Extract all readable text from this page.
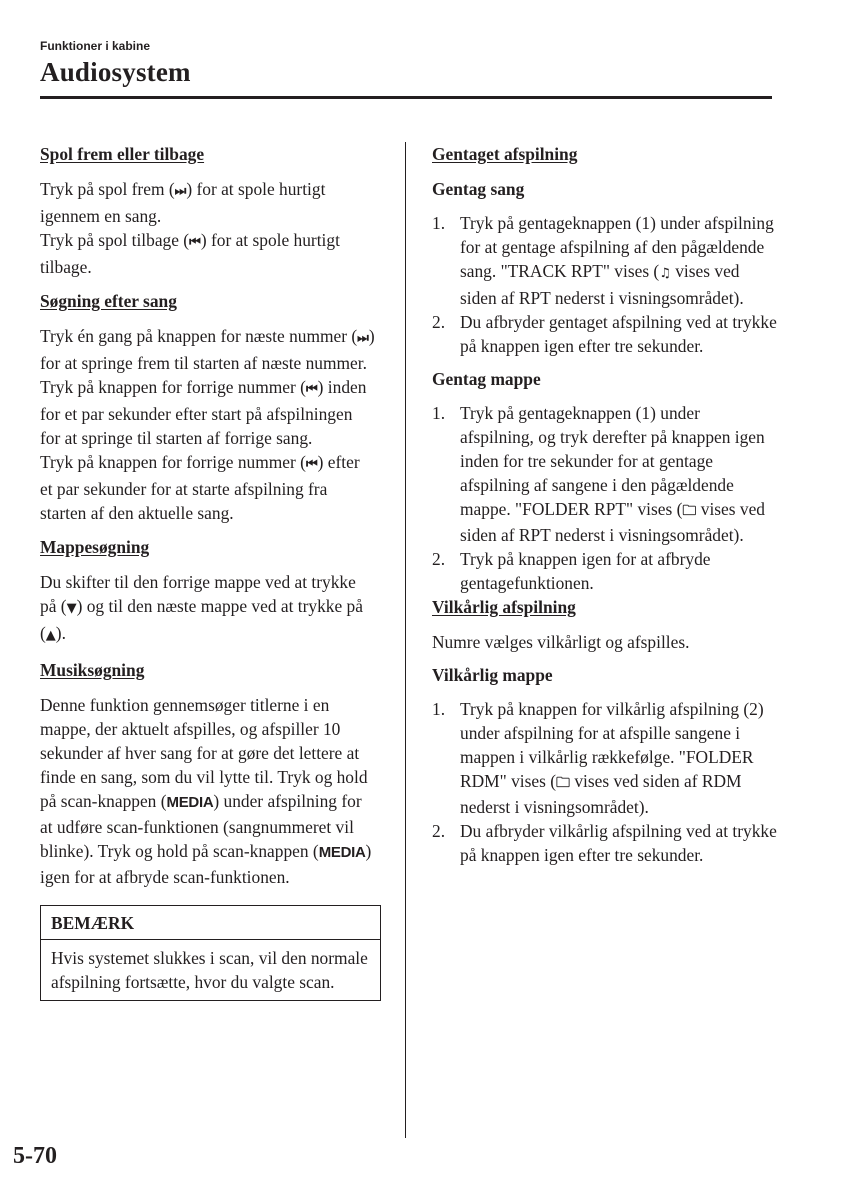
Funktioner i kabine
Audiosystem
Spol frem eller tilbage

Tryk på spol frem (⏭) for at spole hurtigt igennem en sang.

Tryk på spol tilbage (⏮) for at spole hurtigt tilbage.

Søgning efter sang

Tryk én gang på knappen for næste nummer (⏭) for at springe frem til starten af næste nummer.

Tryk på knappen for forrige nummer (⏮) inden for et par sekunder efter start på afspilningen for at springe til starten af forrige sang.

Tryk på knappen for forrige nummer (⏮) efter et par sekunder for at starte afspilning fra starten af den aktuelle sang.

Mappesøgning

Du skifter til den forrige mappe ved at trykke på (▼) og til den næste mappe ved at trykke på (▲).

Musiksøgning

Denne funktion gennemsøger titlerne i en mappe, der aktuelt afspilles, og afspiller 10 sekunder af hver sang for at gøre det lettere at finde en sang, som du vil lytte til. Tryk og hold på scan-knappen (MEDIA) under afspilning for at udføre scan-funktionen (sangnummeret vil blinke). Tryk og hold på scan-knappen (MEDIA) igen for at afbryde scan-funktionen.

BEMÆRK

Hvis systemet slukkes i scan, vil den normale afspilning fortsætte, hvor du valgte scan.

Gentaget afspilning
Gentag sang
1. Tryk på gentageknappen (1) under afspilning for at gentage afspilning af den pågældende sang. "TRACK RPT" vises (♫ vises ved siden af RPT nederst i visningsområdet).
2. Du afbryder gentaget afspilning ved at trykke på knappen igen efter tre sekunder.
Gentag mappe
1. Tryk på gentageknappen (1) under afspilning, og tryk derefter på knappen igen inden for tre sekunder for at gentage afspilning af sangene i den pågældende mappe. "FOLDER RPT" vises (🗀 vises ved siden af RPT nederst i visningsområdet).
2. Tryk på knappen igen for at afbryde gentagefunktionen.
Vilkårlig afspilning

Numre vælges vilkårligt og afspilles.

Vilkårlig mappe
1. Tryk på knappen for vilkårlig afspilning (2) under afspilning for at afspille sangene i mappen i vilkårlig rækkefølge. "FOLDER RDM" vises (🗀 vises ved siden af RDM nederst i visningsområdet).
2. Du afbryder vilkårlig afspilning ved at trykke på knappen igen efter tre sekunder.
5-70
